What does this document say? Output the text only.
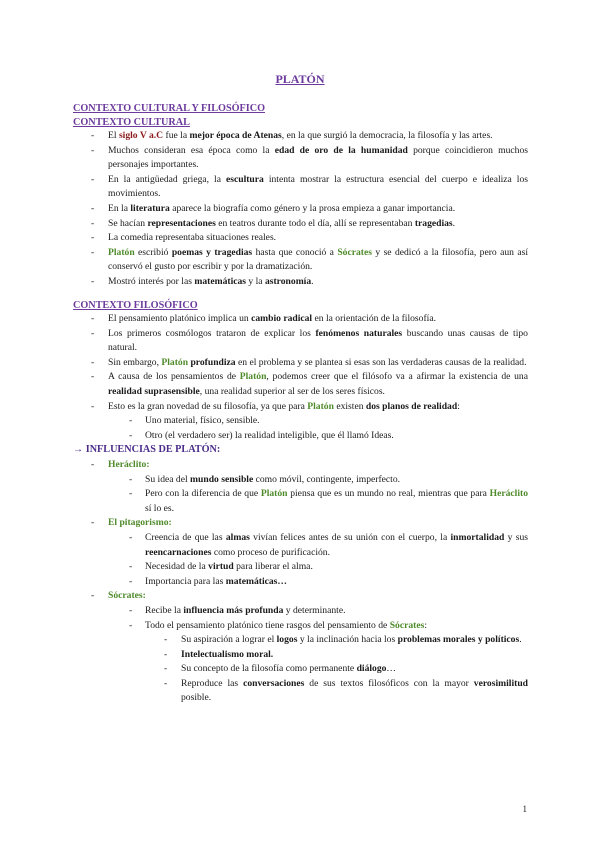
PLATÓN
CONTEXTO CULTURAL Y FILOSÓFICO
CONTEXTO CULTURAL
- El siglo V a.C fue la mejor época de Atenas, en la que surgió la democracia, la filosofía y las artes.
- Muchos consideran esa época como la edad de oro de la humanidad porque coincidieron muchos personajes importantes.
- En la antigüedad griega, la escultura intenta mostrar la estructura esencial del cuerpo e idealiza los movimientos.
- En la literatura aparece la biografía como género y la prosa empieza a ganar importancia.
- Se hacían representaciones en teatros durante todo el día, allí se representaban tragedias.
- La comedia representaba situaciones reales.
- Platón escribió poemas y tragedias hasta que conoció a Sócrates y se dedicó a la filosofía, pero aun así conservó el gusto por escribir y por la dramatización.
- Mostró interés por las matemáticas y la astronomía.
CONTEXTO FILOSÓFICO
- El pensamiento platónico implica un cambio radical en la orientación de la filosofía.
- Los primeros cosmólogos trataron de explicar los fenómenos naturales buscando unas causas de tipo natural.
- Sin embargo, Platón profundiza en el problema y se plantea si esas son las verdaderas causas de la realidad.
- A causa de los pensamientos de Platón, podemos creer que el filósofo va a afirmar la existencia de una realidad suprasensible, una realidad superior al ser de los seres físicos.
- Esto es la gran novedad de su filosofía, ya que para Platón existen dos planos de realidad:
- Uno material, físico, sensible.
- Otro (el verdadero ser) la realidad inteligible, que él llamó Ideas.
→ INFLUENCIAS DE PLATÓN:
- Heráclito:
- Su idea del mundo sensible como móvil, contingente, imperfecto.
- Pero con la diferencia de que Platón piensa que es un mundo no real, mientras que para Heráclito sí lo es.
- El pitagorismo:
- Creencia de que las almas vivían felices antes de su unión con el cuerpo, la inmortalidad y sus reencarnaciones como proceso de purificación.
- Necesidad de la virtud para liberar el alma.
- Importancia para las matemáticas…
- Sócrates:
- Recibe la influencia más profunda y determinante.
- Todo el pensamiento platónico tiene rasgos del pensamiento de Sócrates:
- Su aspiración a lograr el logos y la inclinación hacia los problemas morales y políticos.
- Intelectualismo moral.
- Su concepto de la filosofía como permanente diálogo…
- Reproduce las conversaciones de sus textos filosóficos con la mayor verosimilitud posible.
1
